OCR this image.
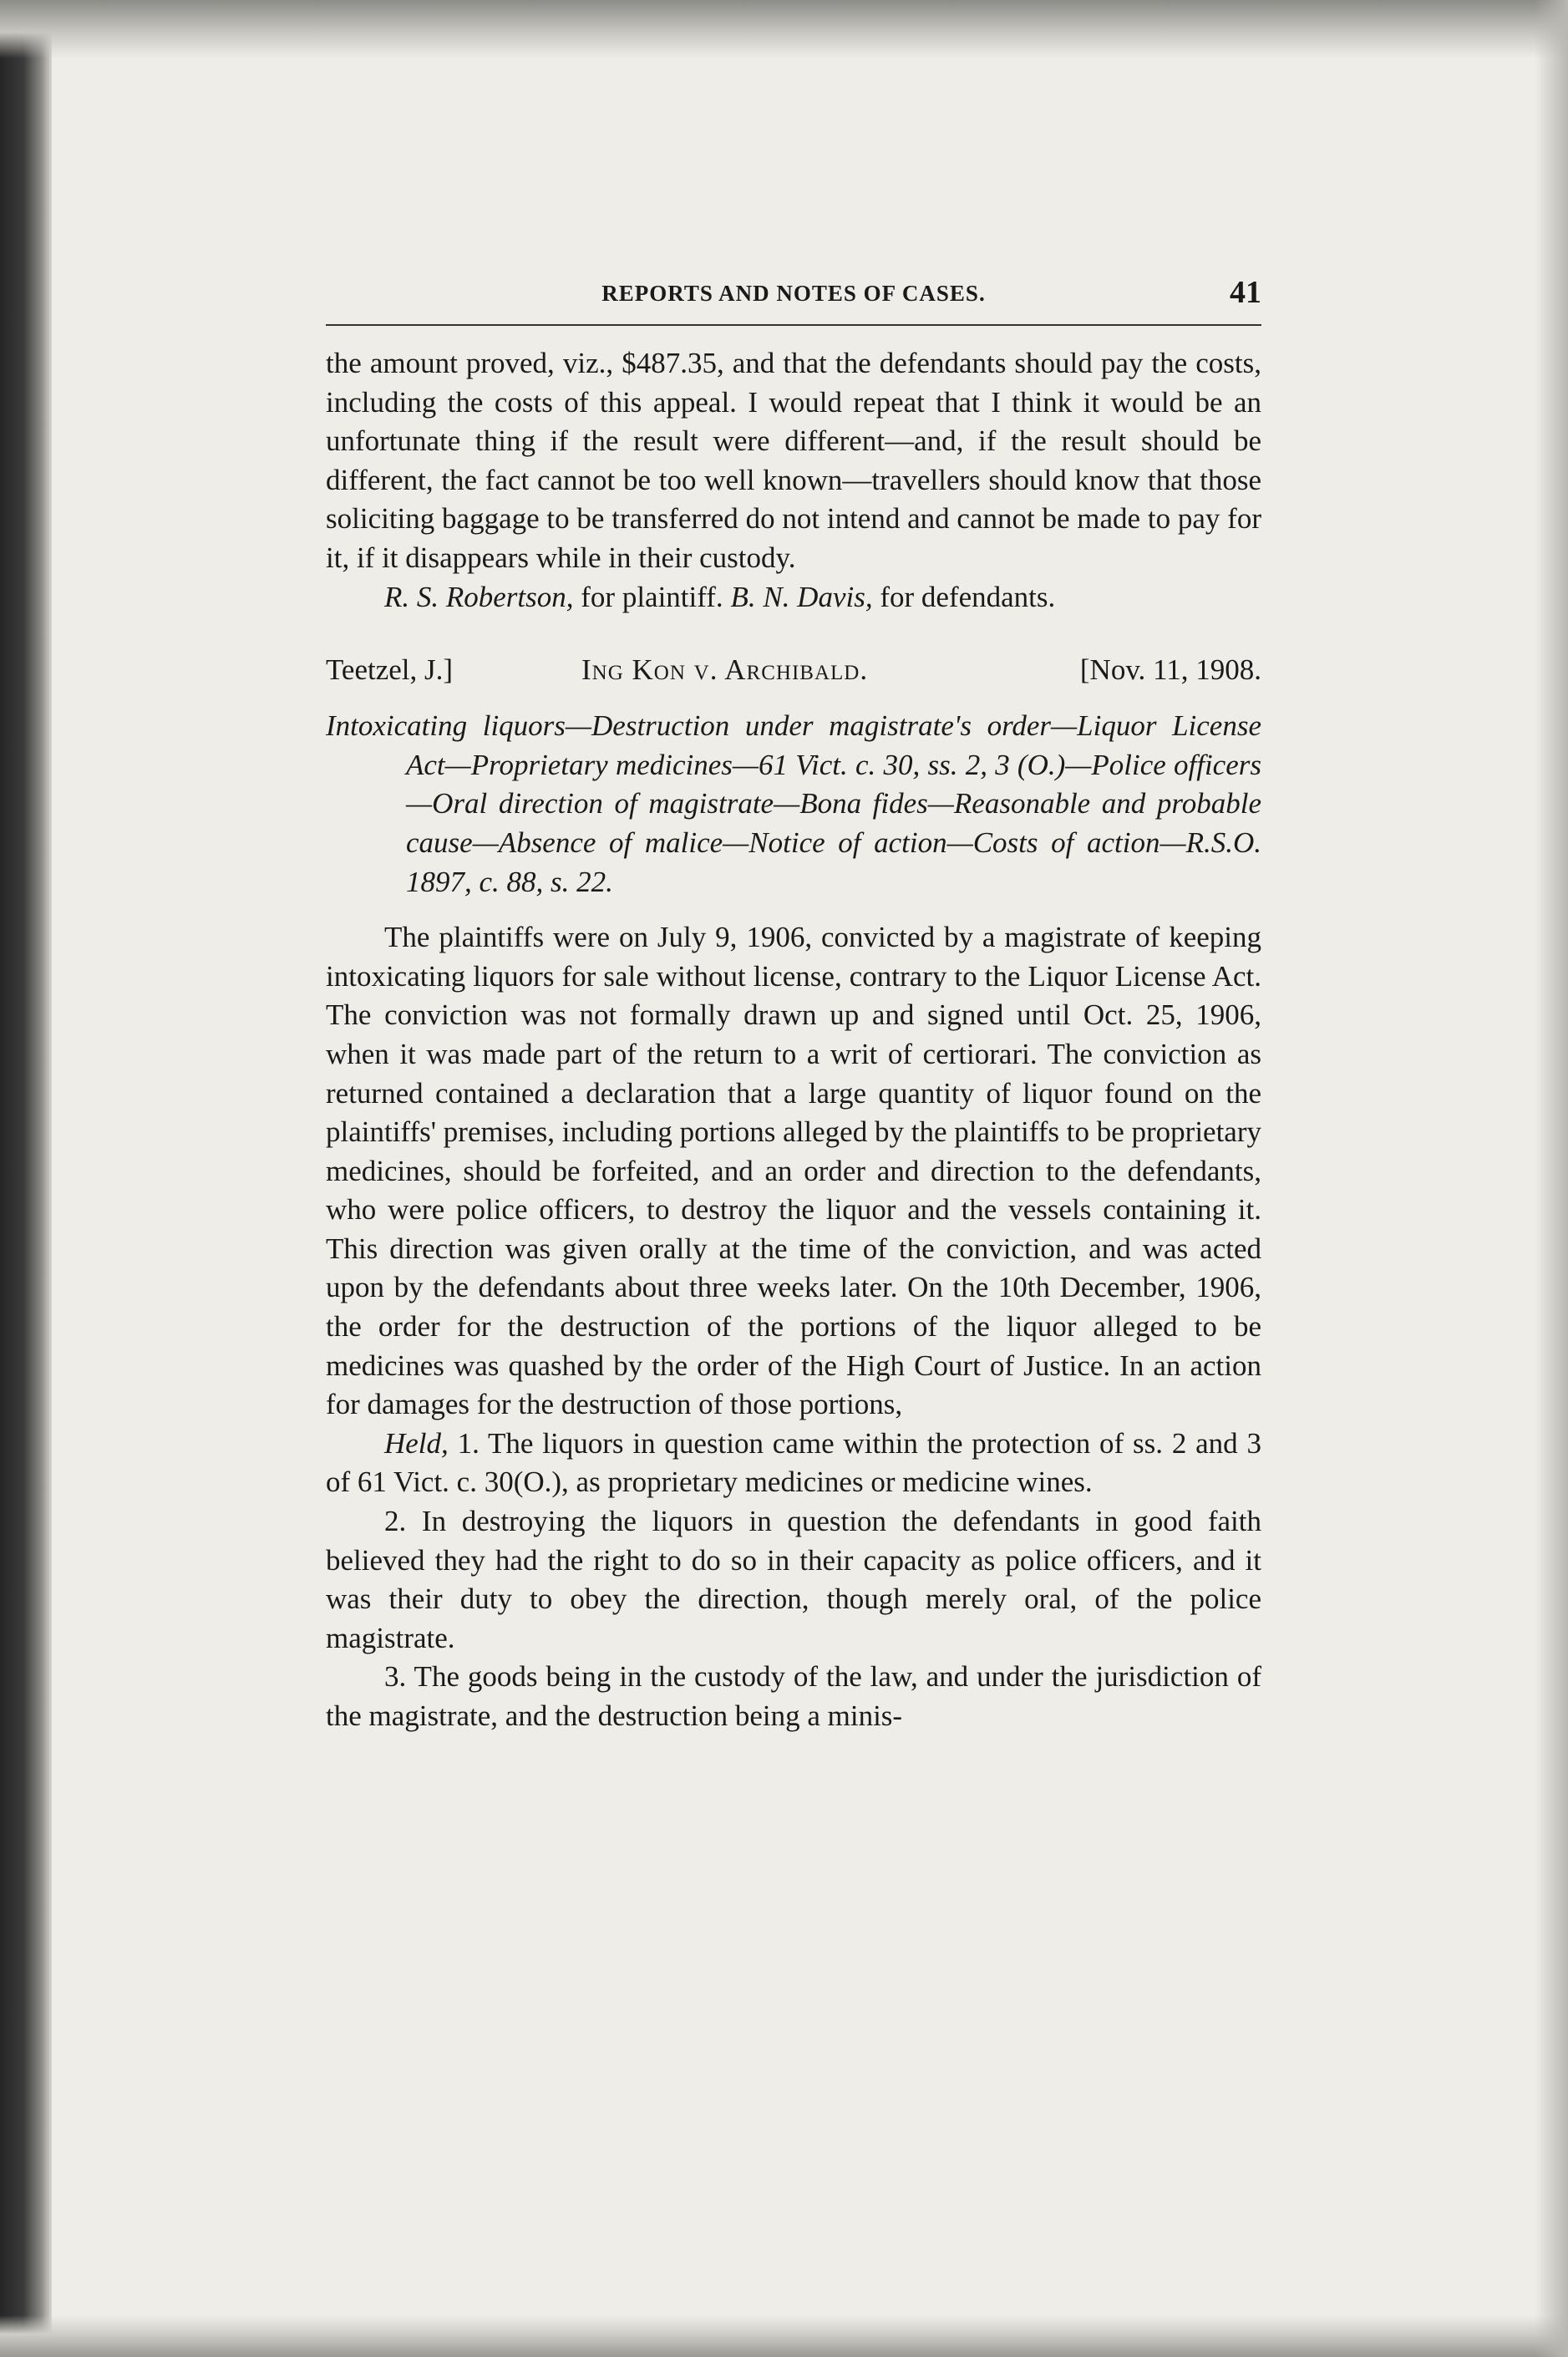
REPORTS AND NOTES OF CASES.	41

the amount proved, viz., $487.35, and that the defendants should pay the costs, including the costs of this appeal. I would repeat that I think it would be an unfortunate thing if the result were different—and, if the result should be different, the fact cannot be too well known—travellers should know that those soliciting baggage to be transferred do not intend and cannot be made to pay for it, if it disappears while in their custody.

R. S. Robertson, for plaintiff. B. N. Davis, for defendants.

Teetzel, J.]	Ing Kon v. Archibald.	[Nov. 11, 1908.

Intoxicating liquors—Destruction under magistrate's order—Liquor License Act—Proprietary medicines—61 Vict. c. 30, ss. 2, 3 (O.)—Police officers—Oral direction of magistrate—Bona fides—Reasonable and probable cause—Absence of malice—Notice of action—Costs of action—R.S.O. 1897, c. 88, s. 22.

The plaintiffs were on July 9, 1906, convicted by a magistrate of keeping intoxicating liquors for sale without license, contrary to the Liquor License Act. The conviction was not formally drawn up and signed until Oct. 25, 1906, when it was made part of the return to a writ of certiorari. The conviction as returned contained a declaration that a large quantity of liquor found on the plaintiffs' premises, including portions alleged by the plaintiffs to be proprietary medicines, should be forfeited, and an order and direction to the defendants, who were police officers, to destroy the liquor and the vessels containing it. This direction was given orally at the time of the conviction, and was acted upon by the defendants about three weeks later. On the 10th December, 1906, the order for the destruction of the portions of the liquor alleged to be medicines was quashed by the order of the High Court of Justice. In an action for damages for the destruction of those portions,

Held, 1. The liquors in question came within the protection of ss. 2 and 3 of 61 Vict. c. 30(O.), as proprietary medicines or medicine wines.

2. In destroying the liquors in question the defendants in good faith believed they had the right to do so in their capacity as police officers, and it was their duty to obey the direction, though merely oral, of the police magistrate.

3. The goods being in the custody of the law, and under the jurisdiction of the magistrate, and the destruction being a minis-
